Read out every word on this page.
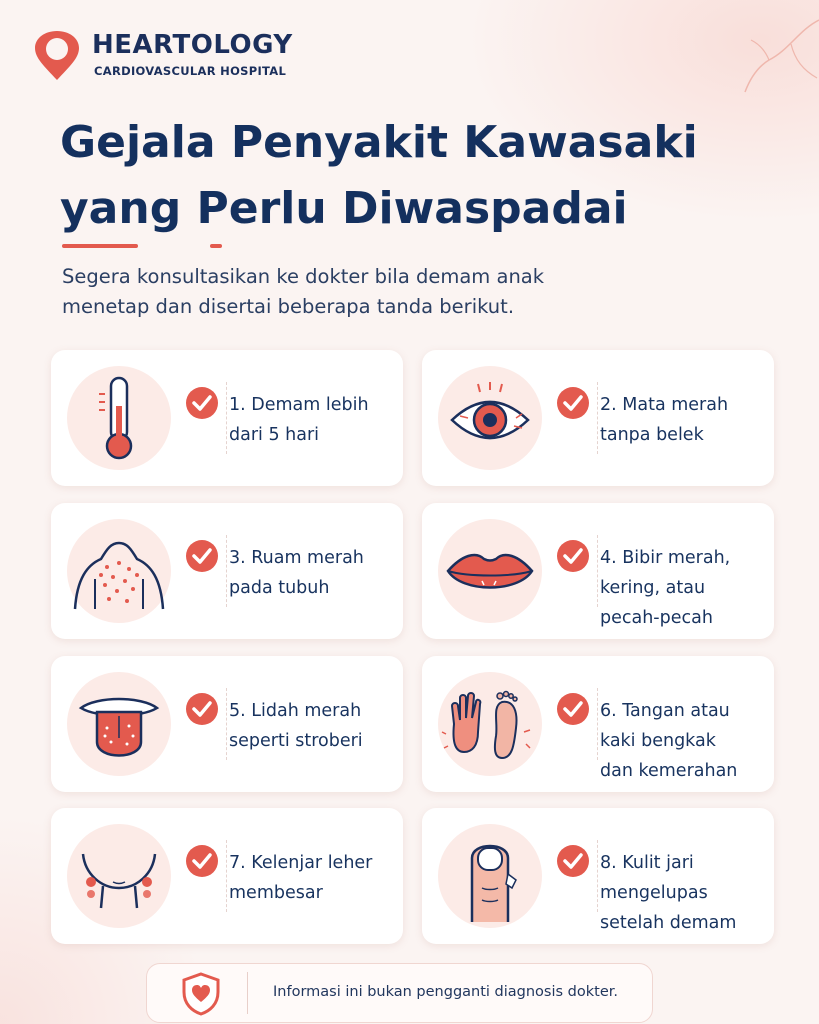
HEARTOLOGY
CARDIOVASCULAR HOSPITAL
Gejala Penyakit Kawasaki
yang Perlu Diwaspadai

Segera konsultasikan ke dokter bila demam anak
menetap dan disertai beberapa tanda berikut.

1. Demam lebih
dari 5 hari
2. Mata merah
tanpa belek
3. Ruam merah
pada tubuh
4. Bibir merah,
kering, atau
pecah-pecah
5. Lidah merah
seperti stroberi
6. Tangan atau
kaki bengkak
dan kemerahan
7. Kelenjar leher
membesar
8. Kulit jari
mengelupas
setelah demam
Informasi ini bukan pengganti diagnosis dokter.
